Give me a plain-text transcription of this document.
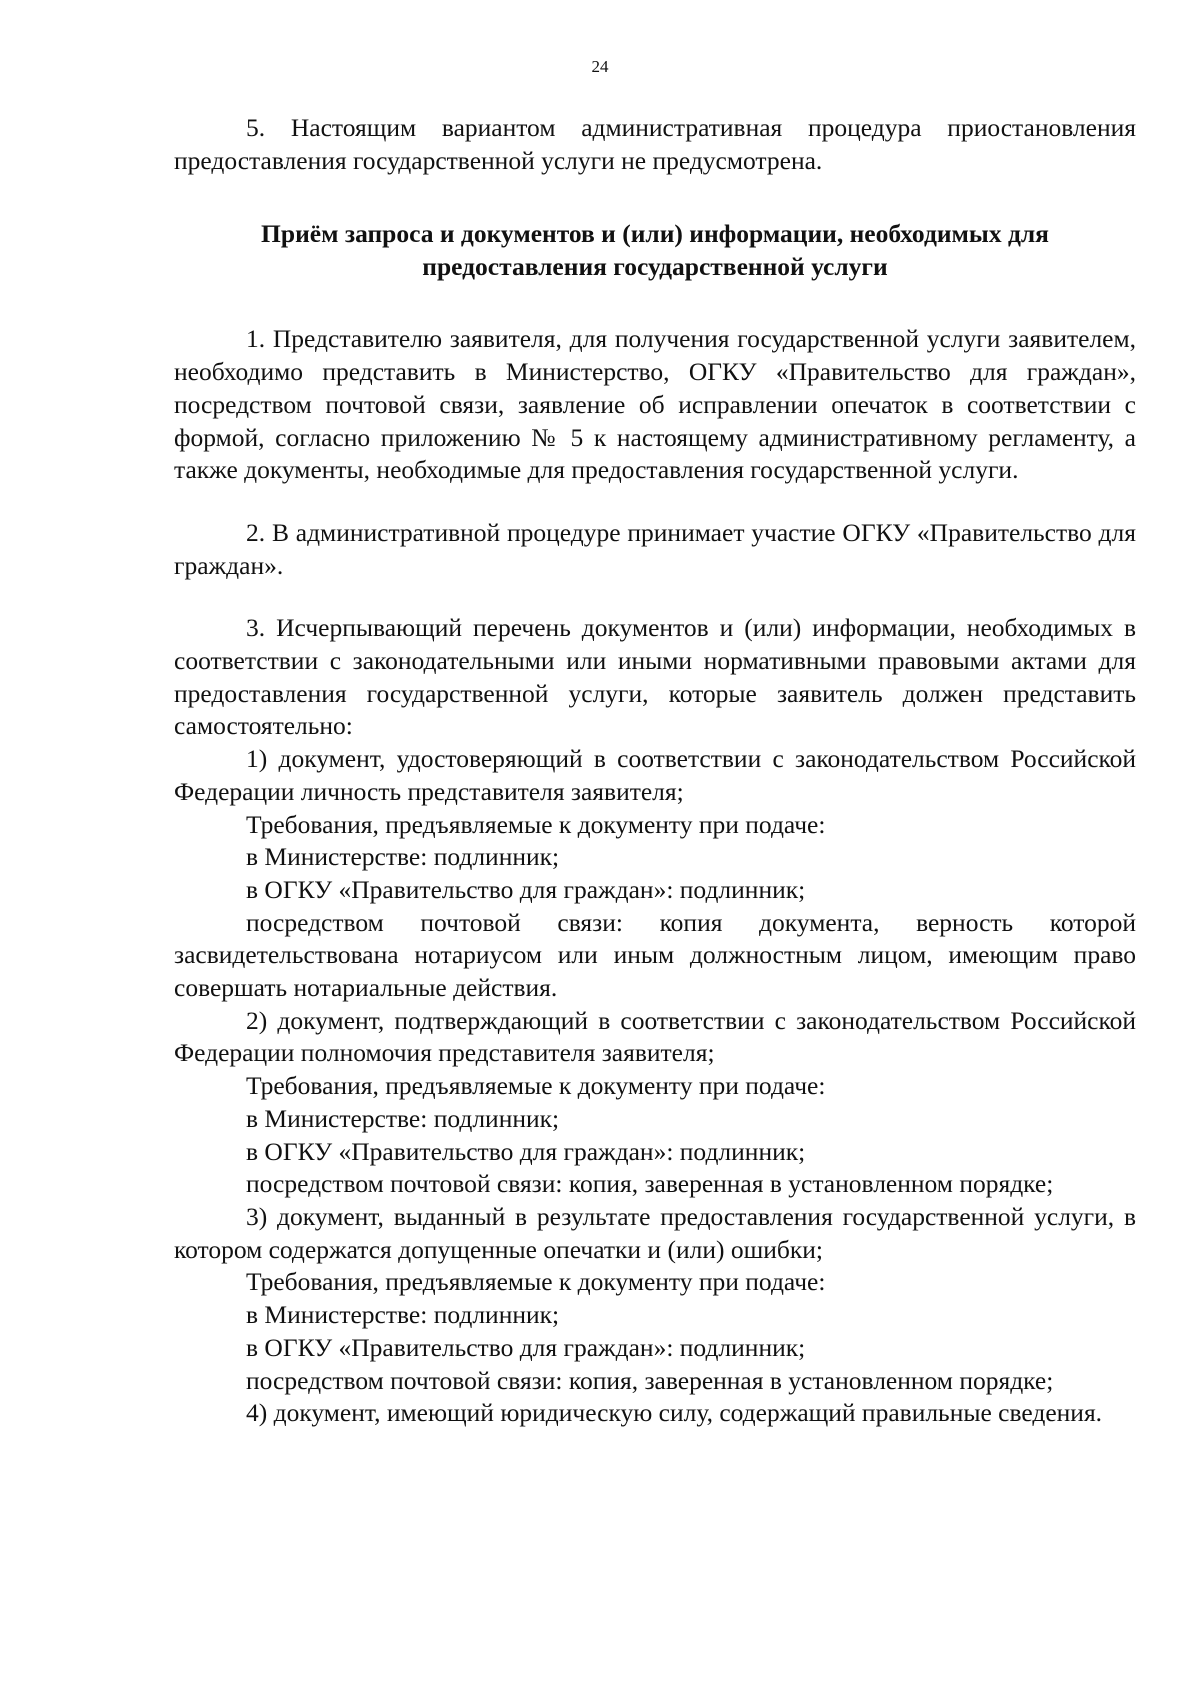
24

5. Настоящим вариантом административная процедура приостановления предоставления государственной услуги не предусмотрена.

Приём запроса и документов и (или) информации, необходимых для
предоставления государственной услуги

1. Представителю заявителя, для получения государственной услуги заявителем, необходимо представить в Министерство, ОГКУ «Правительство для граждан», посредством почтовой связи, заявление об исправлении опечаток в соответствии с формой, согласно приложению № 5 к настоящему административному регламенту, а также документы, необходимые для предоставления государственной услуги.

2. В административной процедуре принимает участие ОГКУ «Правительство для граждан».

3. Исчерпывающий перечень документов и (или) информации, необходимых в соответствии с законодательными или иными нормативными правовыми актами для предоставления государственной услуги, которые заявитель должен представить самостоятельно:

1) документ, удостоверяющий в соответствии с законодательством Российской Федерации личность представителя заявителя;

Требования, предъявляемые к документу при подаче:

в Министерстве: подлинник;

в ОГКУ «Правительство для граждан»: подлинник;

посредством почтовой связи: копия документа, верность которой засвидетельствована нотариусом или иным должностным лицом, имеющим право совершать нотариальные действия.

2) документ, подтверждающий в соответствии с законодательством Российской Федерации полномочия представителя заявителя;

Требования, предъявляемые к документу при подаче:

в Министерстве: подлинник;

в ОГКУ «Правительство для граждан»: подлинник;

посредством почтовой связи: копия, заверенная в установленном порядке;

3) документ, выданный в результате предоставления государственной услуги, в котором содержатся допущенные опечатки и (или) ошибки;

Требования, предъявляемые к документу при подаче:

в Министерстве: подлинник;

в ОГКУ «Правительство для граждан»: подлинник;

посредством почтовой связи: копия, заверенная в установленном порядке;

4) документ, имеющий юридическую силу, содержащий правильные сведения.
